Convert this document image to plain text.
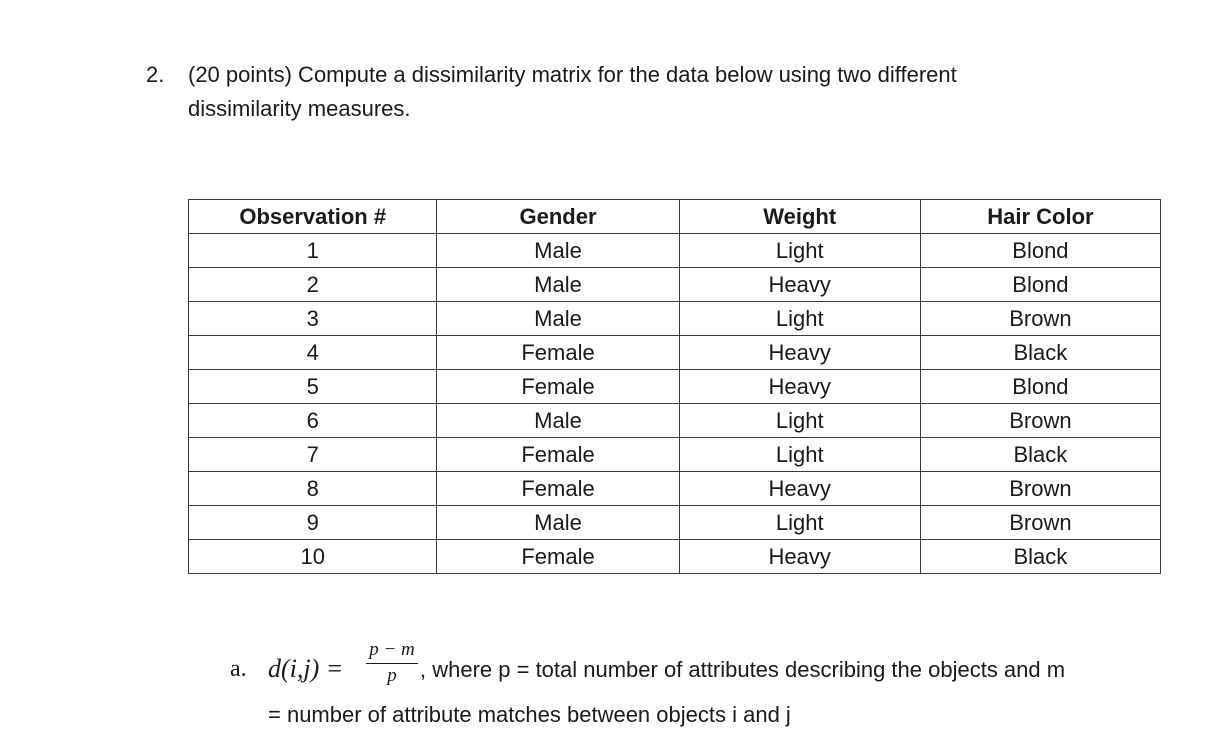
2. (20 points) Compute a dissimilarity matrix for the data below using two different
dissimilarity measures.
Observation #	Gender	Weight	Hair Color
1	Male	Light	Blond
2	Male	Heavy	Blond
3	Male	Light	Brown
4	Female	Heavy	Black
5	Female	Heavy	Blond
6	Male	Light	Brown
7	Female	Light	Black
8	Female	Heavy	Brown
9	Male	Light	Brown
10	Female	Heavy	Black
a. d(i,j) =
p − m
p	, where p = total number of attributes describing the objects and m
= number of attribute matches between objects i and j
